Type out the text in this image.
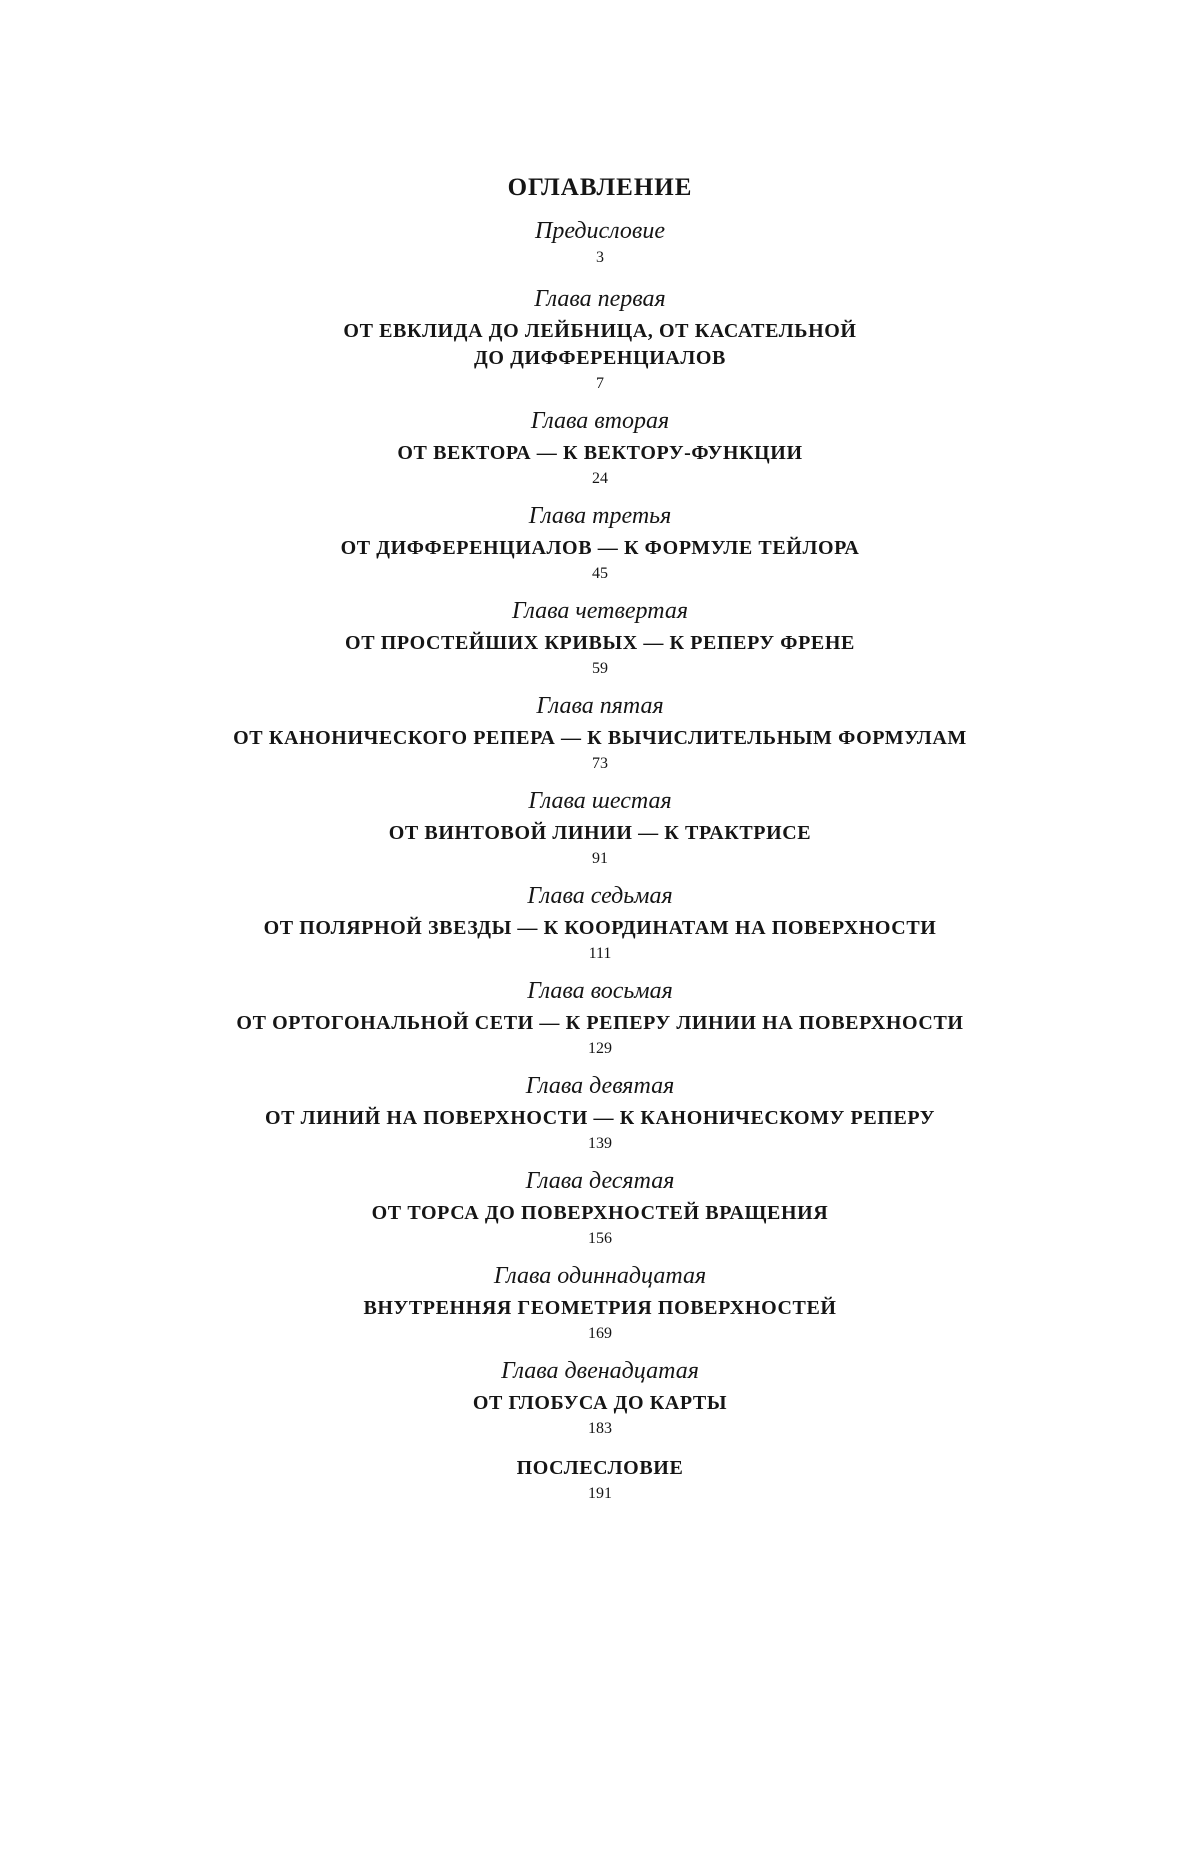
ОГЛАВЛЕНИЕ
Предисловие
3
Глава первая
ОТ ЕВКЛИДА ДО ЛЕЙБНИЦА, ОТ КАСАТЕЛЬНОЙ
ДО ДИФФЕРЕНЦИАЛОВ
7
Глава вторая
ОТ ВЕКТОРА — К ВЕКТОРУ-ФУНКЦИИ
24
Глава третья
ОТ ДИФФЕРЕНЦИАЛОВ — К ФОРМУЛЕ ТЕЙЛОРА
45
Глава четвертая
ОТ ПРОСТЕЙШИХ КРИВЫХ — К РЕПЕРУ ФРЕНЕ
59
Глава пятая
ОТ КАНОНИЧЕСКОГО РЕПЕРА — К ВЫЧИСЛИТЕЛЬНЫМ ФОРМУЛАМ
73
Глава шестая
ОТ ВИНТОВОЙ ЛИНИИ — К ТРАКТРИСЕ
91
Глава седьмая
ОТ ПОЛЯРНОЙ ЗВЕЗДЫ — К КООРДИНАТАМ НА ПОВЕРХНОСТИ
111
Глава восьмая
ОТ ОРТОГОНАЛЬНОЙ СЕТИ — К РЕПЕРУ ЛИНИИ НА ПОВЕРХНОСТИ
129
Глава девятая
ОТ ЛИНИЙ НА ПОВЕРХНОСТИ — К КАНОНИЧЕСКОМУ РЕПЕРУ
139
Глава десятая
ОТ ТОРСА ДО ПОВЕРХНОСТЕЙ ВРАЩЕНИЯ
156
Глава одиннадцатая
ВНУТРЕННЯЯ ГЕОМЕТРИЯ ПОВЕРХНОСТЕЙ
169
Глава двенадцатая
ОТ ГЛОБУСА ДО КАРТЫ
183
ПОСЛЕСЛОВИЕ
191
